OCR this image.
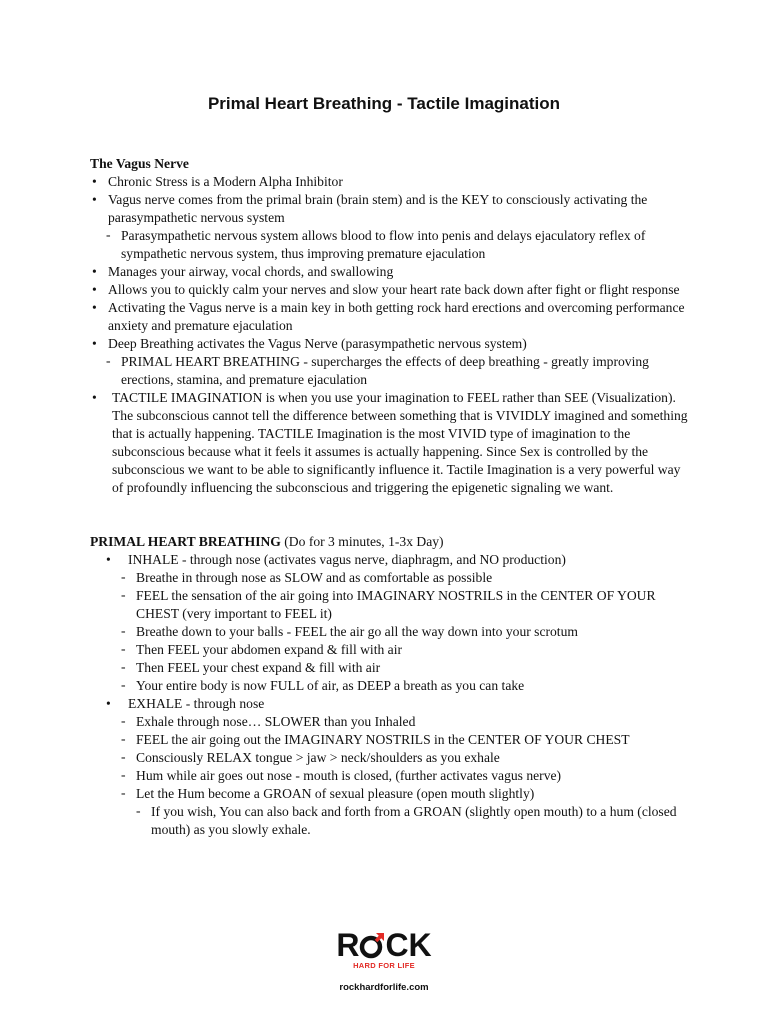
Primal Heart Breathing - Tactile Imagination

The Vagus Nerve

• Chronic Stress is a Modern Alpha Inhibitor
• Vagus nerve comes from the primal brain (brain stem) and is the KEY to consciously activating the parasympathetic nervous system
- Parasympathetic nervous system allows blood to flow into penis and delays ejaculatory reflex of sympathetic nervous system, thus improving premature ejaculation
• Manages your airway, vocal chords, and swallowing
• Allows you to quickly calm your nerves and slow your heart rate back down after fight or flight response
• Activating the Vagus nerve is a main key in both getting rock hard erections and overcoming performance anxiety and premature ejaculation
• Deep Breathing activates the Vagus Nerve (parasympathetic nervous system)
- PRIMAL HEART BREATHING - supercharges the effects of deep breathing - greatly improving erections, stamina, and premature ejaculation
• TACTILE IMAGINATION is when you use your imagination to FEEL rather than SEE (Visualization). The subconscious cannot tell the difference between something that is VIVIDLY imagined and something that is actually happening. TACTILE Imagination is the most VIVID type of imagination to the subconscious because what it feels it assumes is actually happening. Since Sex is controlled by the subconscious we want to be able to significantly influence it. Tactile Imagination is a very powerful way of profoundly influencing the subconscious and triggering the epigenetic signaling we want.

PRIMAL HEART BREATHING (Do for 3 minutes, 1-3x Day)

• INHALE - through nose (activates vagus nerve, diaphragm, and NO production)
- Breathe in through nose as SLOW and as comfortable as possible
- FEEL the sensation of the air going into IMAGINARY NOSTRILS in the CENTER OF YOUR CHEST (very important to FEEL it)
- Breathe down to your balls - FEEL the air go all the way down into your scrotum
- Then FEEL your abdomen expand & fill with air
- Then FEEL your chest expand & fill with air
- Your entire body is now FULL of air, as DEEP a breath as you can take
• EXHALE - through nose
- Exhale through nose… SLOWER than you Inhaled
- FEEL the air going out the IMAGINARY NOSTRILS in the CENTER OF YOUR CHEST
- Consciously RELAX tongue > jaw > neck/shoulders as you exhale
- Hum while air goes out nose - mouth is closed, (further activates vagus nerve)
- Let the Hum become a GROAN of sexual pleasure (open mouth slightly)
- If you wish, You can also back and forth from a GROAN (slightly open mouth) to a hum (closed mouth) as you slowly exhale.
R CK
HARD FOR LIFE
rockhardforlife.com
